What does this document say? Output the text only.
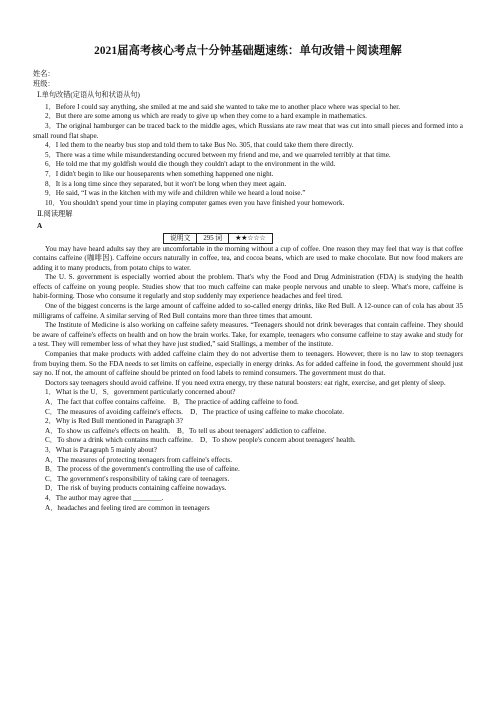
2021届高考核心考点十分钟基础题速练：单句改错＋阅读理解

姓名：

班级：

Ⅰ.单句改错(定语从句和状语从句)

1．Before I could say anything, she smiled at me and said she wanted to take me to another place where was special to her.

2．But there are some among us which are ready to give up when they come to a hard example in mathematics.

3．The original hamburger can be traced back to the middle ages, which Russians ate raw meat that was cut into small pieces and formed into a small round flat shape.

4．I led them to the nearby bus stop and told them to take Bus No. 305, that could take them there directly.

5．There was a time while misunderstanding occured between my friend and me, and we quarreled terribly at that time.

6．He told me that my goldfish would die though they couldn't adapt to the environment in the wild.

7．I didn't begin to like our houseparents when something happened one night.

8．It is a long time since they separated, but it won't be long when they meet again.

9．He said, “I was in the kitchen with my wife and children while we heard a loud noise.”

10．You shouldn't spend your time in playing computer games even you have finished your homework.

Ⅱ.阅读理解

A

说明文	295 词	★★☆☆☆

You may have heard adults say they are uncomfortable in the morning without a cup of coffee. One reason they may feel that way is that coffee contains caffeine (咖啡因). Caffeine occurs naturally in coffee, tea, and cocoa beans, which are used to make chocolate. But now food makers are adding it to many products, from potato chips to water.

The U. S. government is especially worried about the problem. That's why the Food and Drug Administration (FDA) is studying the health effects of caffeine on young people. Studies show that too much caffeine can make people nervous and unable to sleep. What's more, caffeine is habit-forming. Those who consume it regularly and stop suddenly may experience headaches and feel tired.

One of the biggest concerns is the large amount of caffeine added to so-called energy drinks, like Red Bull. A 12-ounce can of cola has about 35 milligrams of caffeine. A similar serving of Red Bull contains more than three times that amount.

The Institute of Medicine is also working on caffeine safety measures. “Teenagers should not drink beverages that contain caffeine. They should be aware of caffeine's effects on health and on how the brain works. Take, for example, teenagers who consume caffeine to stay awake and study for a test. They will remember less of what they have just studied,” said Stallings, a member of the institute.

Companies that make products with added caffeine claim they do not advertise them to teenagers. However, there is no law to stop teenagers from buying them. So the FDA needs to set limits on caffeine, especially in energy drinks. As for added caffeine in food, the government should just say no. If not, the amount of caffeine should be printed on food labels to remind consumers. The government must do that.

Doctors say teenagers should avoid caffeine. If you need extra energy, try these natural boosters: eat right, exercise, and get plenty of sleep.

1．What is the U．S．government particularly concerned about?

A．The fact that coffee contains caffeine.　B．The practice of adding caffeine to food.

C．The measures of avoiding caffeine's effects.　D．The practice of using caffeine to make chocolate.

2．Why is Red Bull mentioned in Paragraph 3?

A．To show us caffeine's effects on health.　B．To tell us about teenagers' addiction to caffeine.

C．To show a drink which contains much caffeine.　D．To show people's concern about teenagers' health.

3．What is Paragraph 5 mainly about?

A．The measures of protecting teenagers from caffeine's effects.

B．The process of the government's controlling the use of caffeine.

C．The government's responsibility of taking care of teenagers.

D．The risk of buying products containing caffeine nowadays.

4．The author may agree that ________.

A．headaches and feeling tired are common in teenagers
